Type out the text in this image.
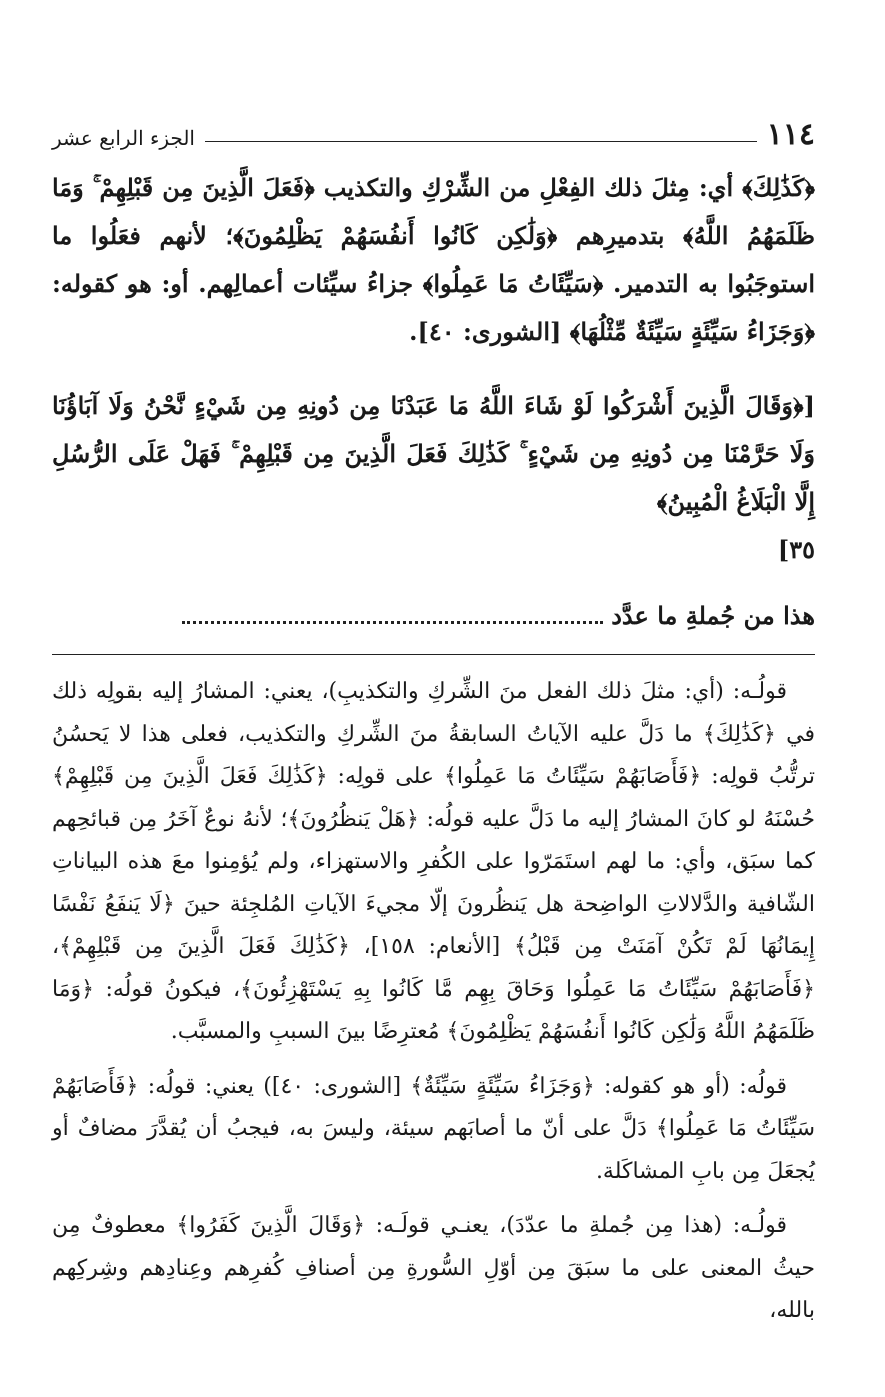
١١٤
الجزء الرابع عشر

﴿كَذَٰلِكَ﴾ أي: مِثلَ ذلك الفِعْلِ من الشِّرْكِ والتكذيب ﴿فَعَلَ الَّذِينَ مِن قَبْلِهِمْ ۚ وَمَا ظَلَمَهُمُ اللَّهُ﴾ بتدميرِهم ﴿وَلَٰكِن كَانُوا أَنفُسَهُمْ يَظْلِمُونَ﴾؛ لأنهم فعَلُوا ما استوجَبُوا به التدمير. ﴿سَيِّئَاتُ مَا عَمِلُوا﴾ جزاءُ سيِّئات أعمالِهم. أو: هو كقوله: ﴿وَجَزَاءُ سَيِّئَةٍ سَيِّئَةٌ مِّثْلُهَا﴾ [الشورى: ٤٠].

[﴿وَقَالَ الَّذِينَ أَشْرَكُوا لَوْ شَاءَ اللَّهُ مَا عَبَدْنَا مِن دُونِهِ مِن شَيْءٍ نَّحْنُ وَلَا آبَاؤُنَا وَلَا حَرَّمْنَا مِن دُونِهِ مِن شَيْءٍ ۚ كَذَٰلِكَ فَعَلَ الَّذِينَ مِن قَبْلِهِمْ ۚ فَهَلْ عَلَى الرُّسُلِ إِلَّا الْبَلَاغُ الْمُبِينُ﴾

٣٥]
هذا من جُملةِ ما عدَّد

قولُـه: (أي: مثلَ ذلك الفعل منَ الشِّركِ والتكذيبِ)، يعني: المشارُ إليه بقولِه ذلك في ﴿كَذَٰلِكَ﴾ ما دَلَّ عليه الآياتُ السابقةُ منَ الشِّركِ والتكذيب، فعلى هذا لا يَحسُنُ ترتُّبُ قولِه: ﴿فَأَصَابَهُمْ سَيِّئَاتُ مَا عَمِلُوا﴾ على قولِه: ﴿كَذَٰلِكَ فَعَلَ الَّذِينَ مِن قَبْلِهِمْ﴾ حُسْنَهُ لو كانَ المشارُ إليه ما دَلَّ عليه قولُه: ﴿هَلْ يَنظُرُونَ﴾؛ لأنهُ نوعٌ آخَرُ مِن قبائحِهم كما سبَق، وأي: ما لهم استَمَرّوا على الكُفرِ والاستهزاء، ولم يُؤمِنوا معَ هذه البياناتِ الشّافية والدَّلالاتِ الواضِحة هل يَنظُرونَ إلّا مجيءَ الآياتِ المُلجِئة حينَ ﴿لَا يَنفَعُ نَفْسًا إِيمَانُهَا لَمْ تَكُنْ آمَنَتْ مِن قَبْلُ﴾ [الأنعام: ١٥٨]، ﴿كَذَٰلِكَ فَعَلَ الَّذِينَ مِن قَبْلِهِمْ﴾، ﴿فَأَصَابَهُمْ سَيِّئَاتُ مَا عَمِلُوا وَحَاقَ بِهِم مَّا كَانُوا بِهِ يَسْتَهْزِئُونَ﴾، فيكونُ قولُه: ﴿وَمَا ظَلَمَهُمُ اللَّهُ وَلَٰكِن كَانُوا أَنفُسَهُمْ يَظْلِمُونَ﴾ مُعترِضًا بينَ السببِ والمسبَّب.

قولُه: (أو هو كقوله: ﴿وَجَزَاءُ سَيِّئَةٍ سَيِّئَةٌ﴾ [الشورى: ٤٠]) يعني: قولُه: ﴿فَأَصَابَهُمْ سَيِّئَاتُ مَا عَمِلُوا﴾ دَلَّ على أنّ ما أصابَهم سيئة، وليسَ به، فيجبُ أن يُقدَّرَ مضافٌ أو يُجعَلَ مِن بابِ المشاكَلة.

قولُـه: (هذا مِن جُملةِ ما عدّدَ)، يعنـي قولَـه: ﴿وَقَالَ الَّذِينَ كَفَرُوا﴾ معطوفٌ مِن حيثُ المعنى على ما سبَقَ مِن أوّلِ السُّورةِ مِن أصنافِ كُفرِهم وعِنادِهم وشِركِهم بالله،
